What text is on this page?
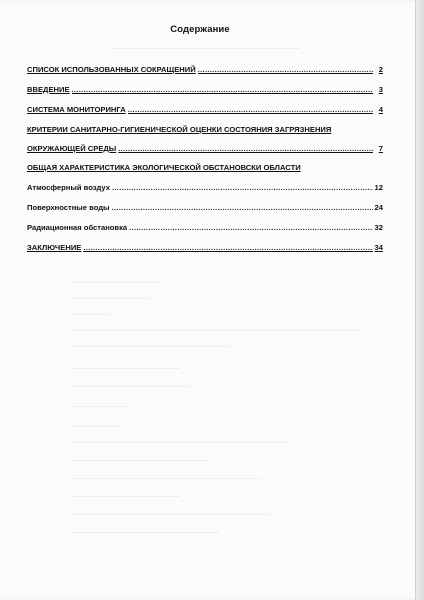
Содержание
СПИСОК ИСПОЛЬЗОВАННЫХ СОКРАЩЕНИЙ .....	2
ВВЕДЕНИЕ .....	3
СИСТЕМА МОНИТОРИНГА .....	4
КРИТЕРИИ САНИТАРНО-ГИГИЕНИЧЕСКОЙ ОЦЕНКИ СОСТОЯНИЯ ЗАГРЯЗНЕНИЯ
ОКРУЖАЮЩЕЙ СРЕДЫ .....	7
ОБЩАЯ ХАРАКТЕРИСТИКА ЭКОЛОГИЧЕСКОЙ ОБСТАНОВСКИ ОБЛАСТИ
Атмосферный воздух .....	12
Поверхностные воды .....	24
Радиационная обстановка .....	32
ЗАКЛЮЧЕНИЕ .....	34
